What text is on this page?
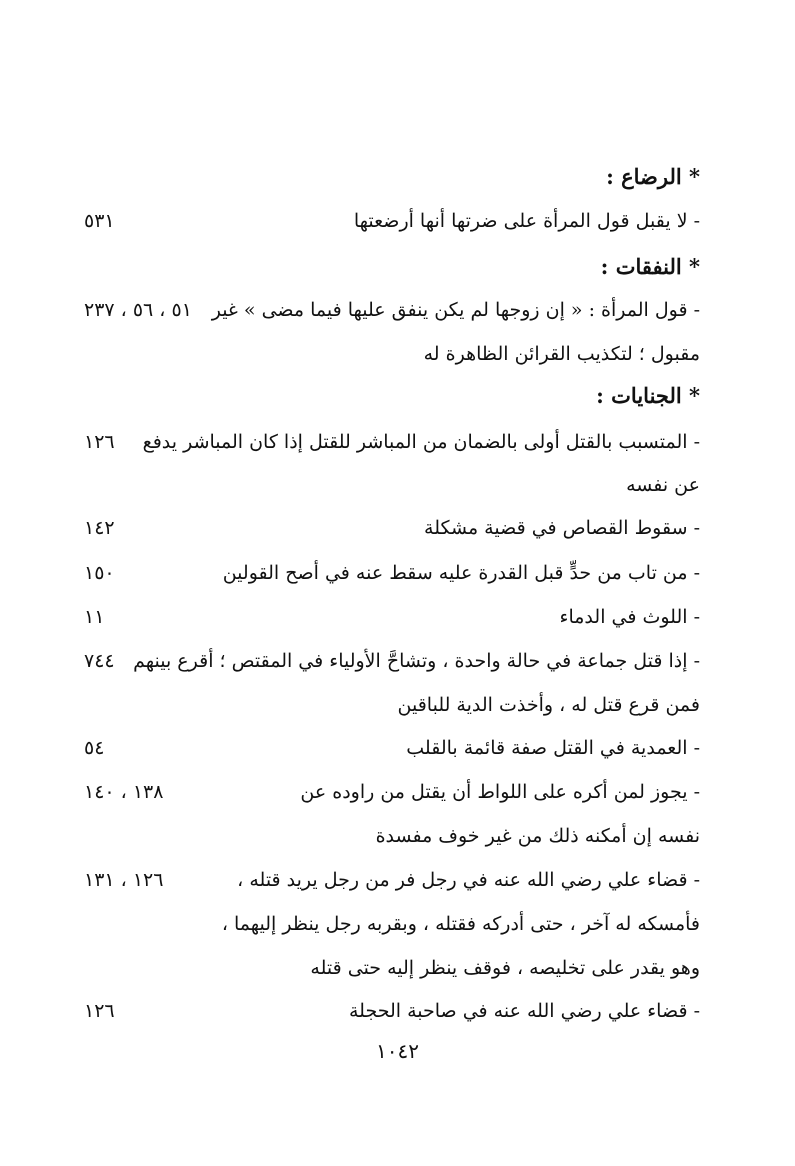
* الرضاع :
- لا يقبل قول المرأة على ضرتها أنها أرضعتها
٥٣١
* النفقات :
- قول المرأة : « إن زوجها لم يكن ينفق عليها فيما مضى » غير
٥١ ، ٥٦ ، ٢٣٧
مقبول ؛ لتكذيب القرائن الظاهرة له
* الجنايات :
- المتسبب بالقتل أولى بالضمان من المباشر للقتل إذا كان المباشر يدفع
١٢٦
عن نفسه
- سقوط القصاص في قضية مشكلة
١٤٢
- من تاب من حدٍّ قبل القدرة عليه سقط عنه في أصح القولين
١٥٠
- اللوث في الدماء
١١
- إذا قتل جماعة في حالة واحدة ، وتشاحَّ الأولياء في المقتص ؛ أقرع بينهم
٧٤٤
فمن قرع قتل له ، وأخذت الدية للباقين
- العمدية في القتل صفة قائمة بالقلب
٥٤
- يجوز لمن أكره على اللواط أن يقتل من راوده عن
١٣٨ ، ١٤٠
نفسه إن أمكنه ذلك من غير خوف مفسدة
- قضاء علي رضي الله عنه في رجل فر من رجل يريد قتله ،
١٢٦ ، ١٣١
فأمسكه له آخر ، حتى أدركه فقتله ، وبقربه رجل ينظر إليهما ،
وهو يقدر على تخليصه ، فوقف ينظر إليه حتى قتله
- قضاء علي رضي الله عنه في صاحبة الحجلة
١٢٦
١٠٤٢
